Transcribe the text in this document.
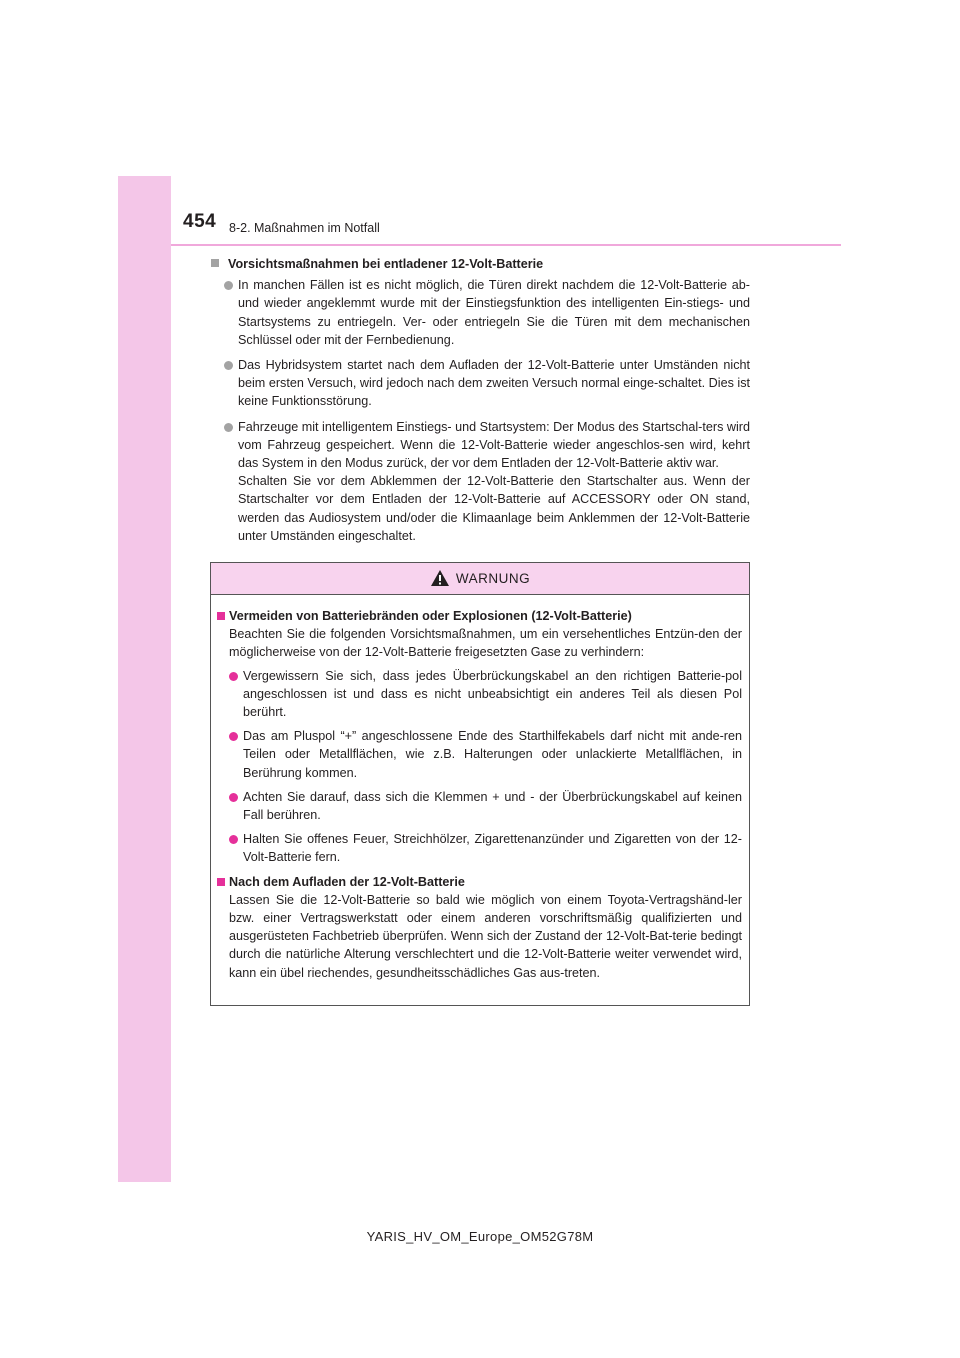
454 8-2. Maßnahmen im Notfall
Vorsichtsmaßnahmen bei entladener 12-Volt-Batterie
In manchen Fällen ist es nicht möglich, die Türen direkt nachdem die 12-Volt-Batterie ab- und wieder angeklemmt wurde mit der Einstiegsfunktion des intelligenten Ein-stiegs- und Startsystems zu entriegeln. Ver- oder entriegeln Sie die Türen mit dem mechanischen Schlüssel oder mit der Fernbedienung.
Das Hybridsystem startet nach dem Aufladen der 12-Volt-Batterie unter Umständen nicht beim ersten Versuch, wird jedoch nach dem zweiten Versuch normal einge-schaltet. Dies ist keine Funktionsstörung.
Fahrzeuge mit intelligentem Einstiegs- und Startsystem: Der Modus des Startschal-ters wird vom Fahrzeug gespeichert. Wenn die 12-Volt-Batterie wieder angeschlos-sen wird, kehrt das System in den Modus zurück, der vor dem Entladen der 12-Volt-Batterie aktiv war.
Schalten Sie vor dem Abklemmen der 12-Volt-Batterie den Startschalter aus. Wenn der Startschalter vor dem Entladen der 12-Volt-Batterie auf ACCESSORY oder ON stand, werden das Audiosystem und/oder die Klimaanlage beim Anklemmen der 12-Volt-Batterie unter Umständen eingeschaltet.
WARNUNG
Vermeiden von Batteriebränden oder Explosionen (12-Volt-Batterie)
Beachten Sie die folgenden Vorsichtsmaßnahmen, um ein versehentliches Entzün-den der möglicherweise von der 12-Volt-Batterie freigesetzten Gase zu verhindern:
Vergewissern Sie sich, dass jedes Überbrückungskabel an den richtigen Batterie-pol angeschlossen ist und dass es nicht unbeabsichtigt ein anderes Teil als diesen Pol berührt.
Das am Pluspol “+” angeschlossene Ende des Starthilfekabels darf nicht mit ande-ren Teilen oder Metallflächen, wie z.B. Halterungen oder unlackierte Metallflächen, in Berührung kommen.
Achten Sie darauf, dass sich die Klemmen + und - der Überbrückungskabel auf keinen Fall berühren.
Halten Sie offenes Feuer, Streichhölzer, Zigarettenanzünder und Zigaretten von der 12-Volt-Batterie fern.
Nach dem Aufladen der 12-Volt-Batterie
Lassen Sie die 12-Volt-Batterie so bald wie möglich von einem Toyota-Vertragshänd-ler bzw. einer Vertragswerkstatt oder einem anderen vorschriftsmäßig qualifizierten und ausgerüsteten Fachbetrieb überprüfen. Wenn sich der Zustand der 12-Volt-Bat-terie bedingt durch die natürliche Alterung verschlechtert und die 12-Volt-Batterie weiter verwendet wird, kann ein übel riechendes, gesundheitsschädliches Gas aus-treten.
YARIS_HV_OM_Europe_OM52G78M
